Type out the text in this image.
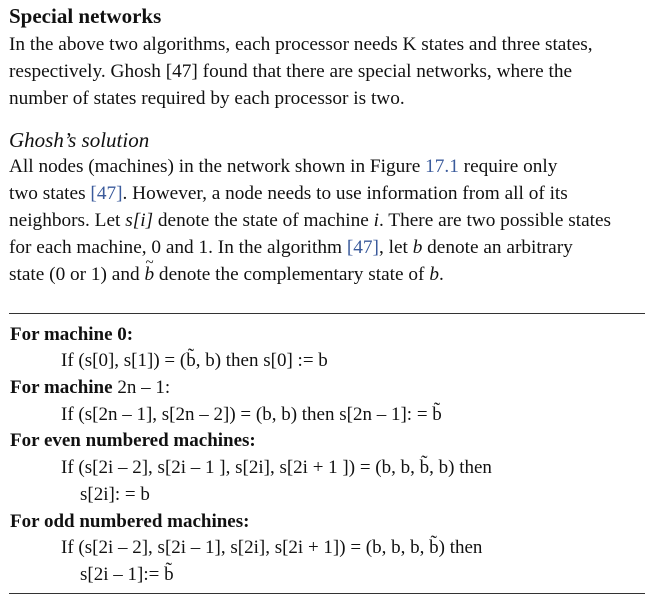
Special networks
In the above two algorithms, each processor needs K states and three states,
respectively. Ghosh [47] found that there are special networks, where the
number of states required by each processor is two.
Ghosh’s solution
All nodes (machines) in the network shown in Figure 17.1 require only
two states [47]. However, a node needs to use information from all of its
neighbors. Let s[i] denote the state of machine i. There are two possible states
for each machine, 0 and 1. In the algorithm [47], let b denote an arbitrary
state (0 or 1) and ~ b denote the complementary state of b.
For machine 0:
If (s[0], s[1]) = (b̃, b) then s[0] := b
For machine 2n – 1:
If (s[2n – 1], s[2n – 2]) = (b, b) then s[2n – 1]: = b̃
For even numbered machines:
If (s[2i – 2], s[2i – 1 ], s[2i], s[2i + 1 ]) = (b, b, b̃, b) then
s[2i]: = b
For odd numbered machines:
If (s[2i – 2], s[2i – 1], s[2i], s[2i + 1]) = (b, b, b, b̃) then
s[2i – 1]:= b̃
